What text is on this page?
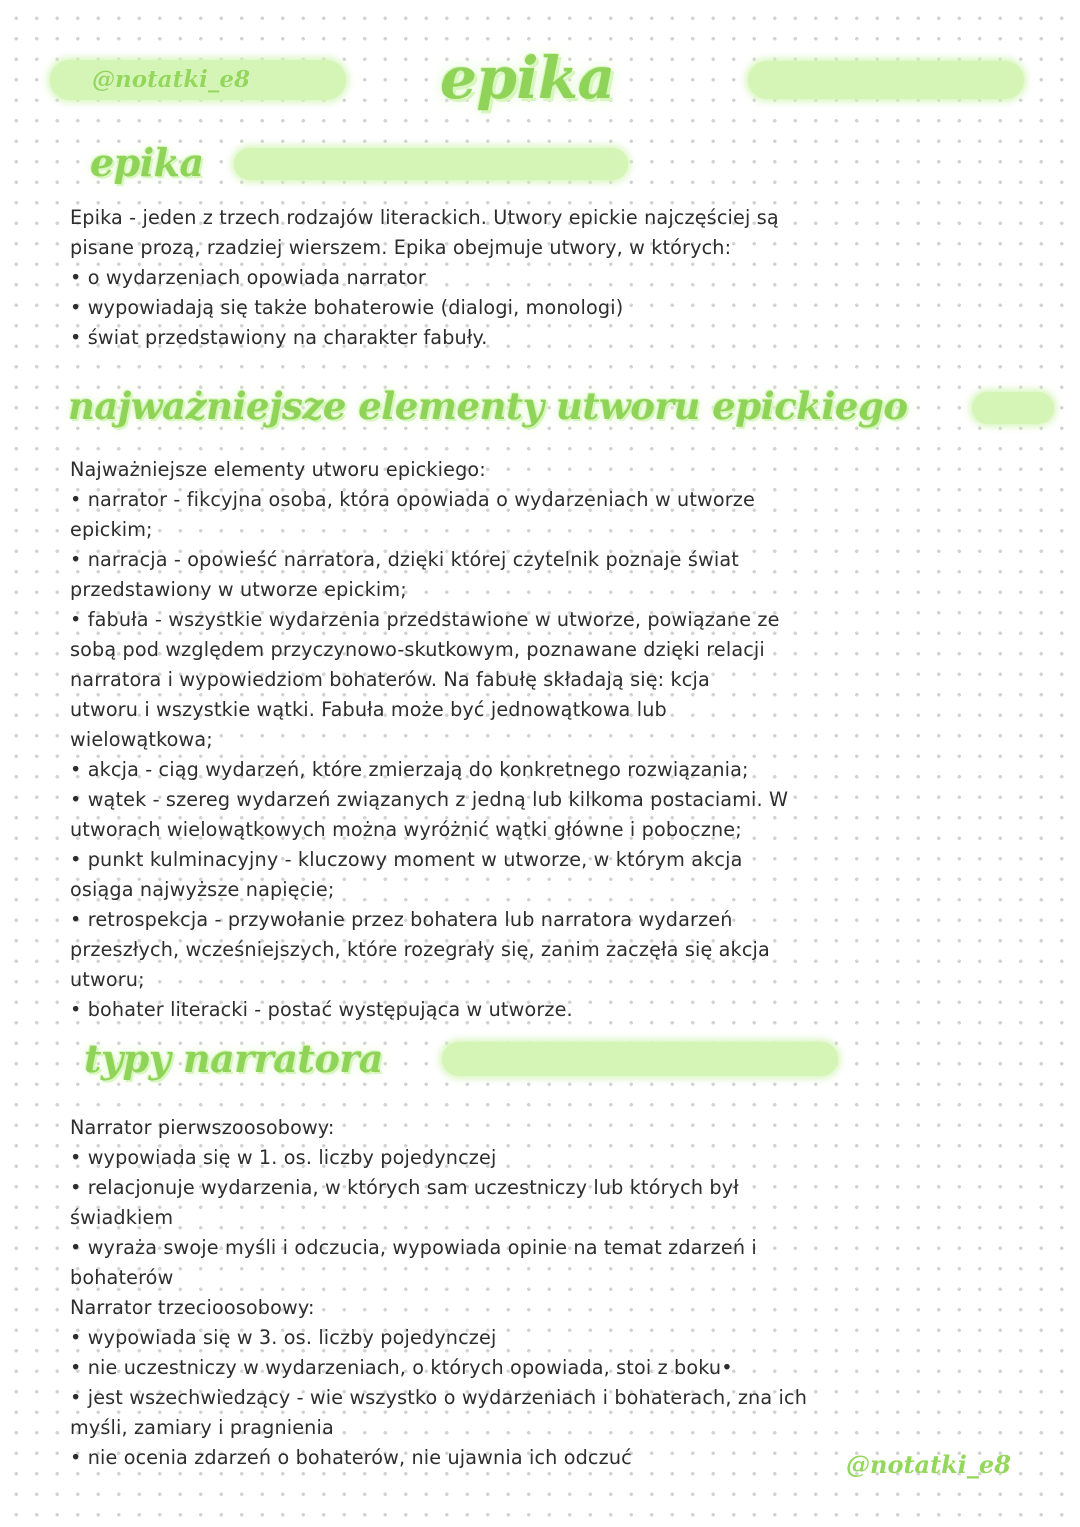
@notatki_e8	epika
epika

Epika - jeden z trzech rodzajów literackich. Utwory epickie najczęściej są

pisane prozą, rzadziej wierszem. Epika obejmuje utwory, w których:

• o wydarzeniach opowiada narrator

• wypowiadają się także bohaterowie (dialogi, monologi)

• świat przedstawiony na charakter fabuły.

najważniejsze elementy utworu epickiego

Najważniejsze elementy utworu epickiego:

• narrator - fikcyjna osoba, która opowiada o wydarzeniach w utworze

epickim;

• narracja - opowieść narratora, dzięki której czytelnik poznaje świat

przedstawiony w utworze epickim;

• fabuła - wszystkie wydarzenia przedstawione w utworze, powiązane ze

sobą pod względem przyczynowo-skutkowym, poznawane dzięki relacji

narratora i wypowiedziom bohaterów. Na fabułę składają się: kcja

utworu i wszystkie wątki. Fabuła może być jednowątkowa lub

wielowątkowa;

• akcja - ciąg wydarzeń, które zmierzają do konkretnego rozwiązania;

• wątek - szereg wydarzeń związanych z jedną lub kilkoma postaciami. W

utworach wielowątkowych można wyróżnić wątki główne i poboczne;

• punkt kulminacyjny - kluczowy moment w utworze, w którym akcja

osiąga najwyższe napięcie;

• retrospekcja - przywołanie przez bohatera lub narratora wydarzeń

przeszłych, wcześniejszych, które rozegrały się, zanim zaczęła się akcja

utworu;

• bohater literacki - postać występująca w utworze.

typy narratora

Narrator pierwszoosobowy:

• wypowiada się w 1. os. liczby pojedynczej

• relacjonuje wydarzenia, w których sam uczestniczy lub których był

świadkiem

• wyraża swoje myśli i odczucia, wypowiada opinie na temat zdarzeń i

bohaterów

Narrator trzecioosobowy:

• wypowiada się w 3. os. liczby pojedynczej

• nie uczestniczy w wydarzeniach, o których opowiada, stoi z boku•

• jest wszechwiedzący - wie wszystko o wydarzeniach i bohaterach, zna ich

myśli, zamiary i pragnienia

• nie ocenia zdarzeń o bohaterów, nie ujawnia ich odczuć	@notatki_e8
